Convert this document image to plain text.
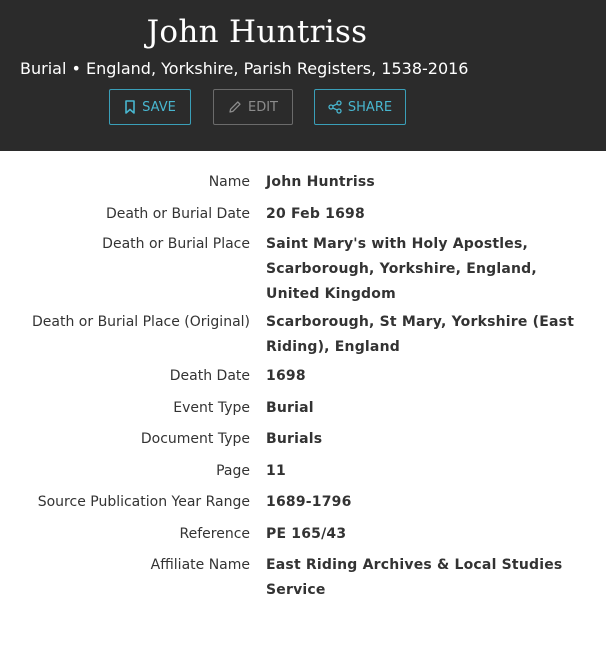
John Huntriss
Burial • England, Yorkshire, Parish Registers, 1538-2016
SAVE	EDIT	SHARE
Name John Huntriss
Death or Burial Date 20 Feb 1698
Death or Burial Place Saint Mary's with Holy Apostles, Scarborough, Yorkshire, England, United Kingdom
Death or Burial Place (Original) Scarborough, St Mary, Yorkshire (East Riding), England
Death Date 1698
Event Type Burial
Document Type Burials
Page 11
Source Publication Year Range 1689-1796
Reference PE 165/43
Affiliate Name East Riding Archives & Local Studies Service
